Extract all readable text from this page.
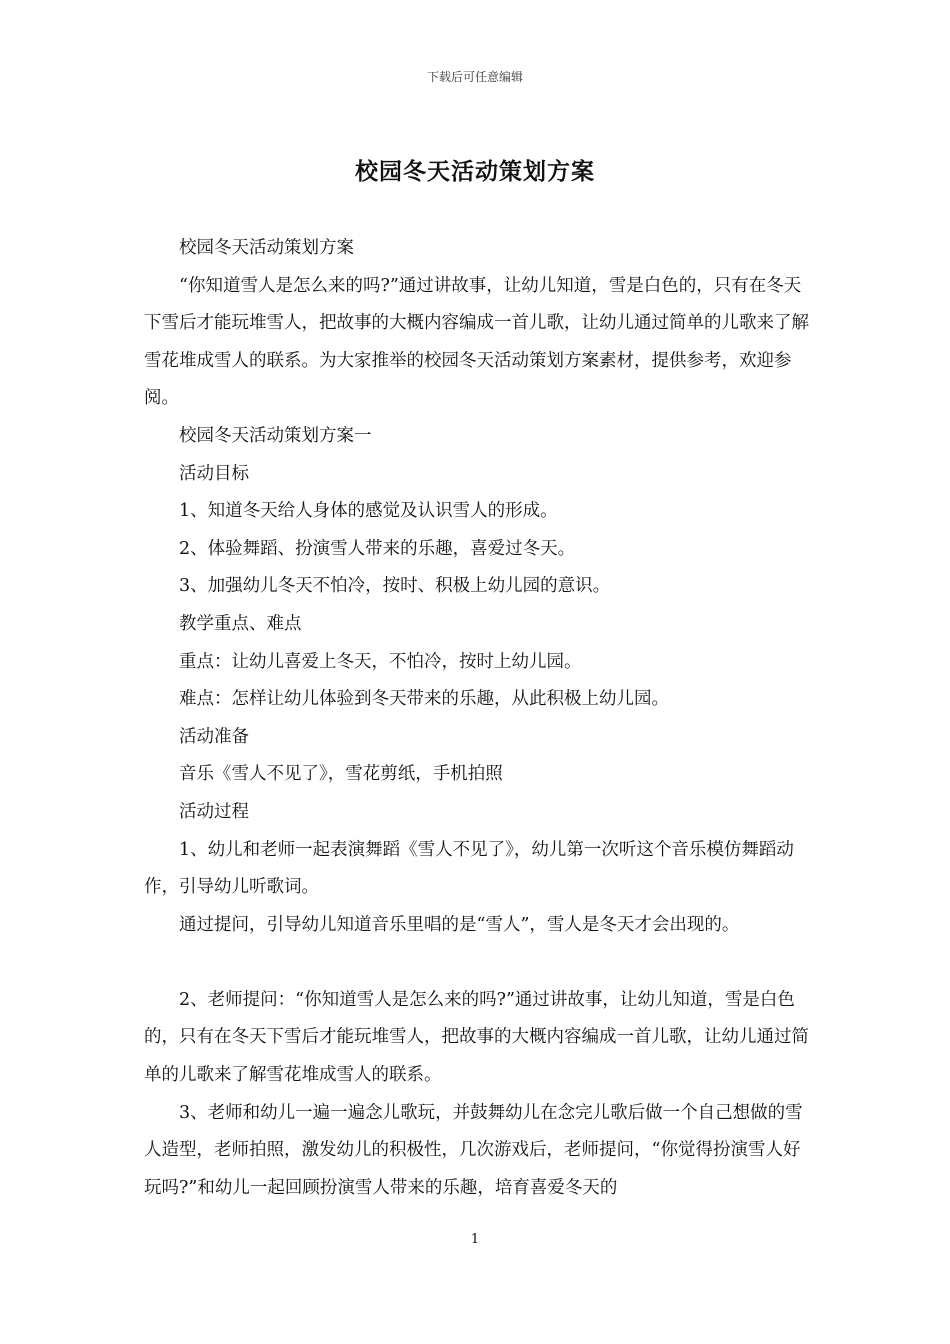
下载后可任意编辑
校园冬天活动策划方案

校园冬天活动策划方案

“你知道雪人是怎么来的吗?”通过讲故事，让幼儿知道，雪是白色的，只有在冬天下雪后才能玩堆雪人，把故事的大概内容编成一首儿歌，让幼儿通过简单的儿歌来了解雪花堆成雪人的联系。为大家推举的校园冬天活动策划方案素材，提供参考，欢迎参阅。

校园冬天活动策划方案一

活动目标

1、知道冬天给人身体的感觉及认识雪人的形成。

2、体验舞蹈、扮演雪人带来的乐趣，喜爱过冬天。

3、加强幼儿冬天不怕冷，按时、积极上幼儿园的意识。

教学重点、难点

重点：让幼儿喜爱上冬天，不怕冷，按时上幼儿园。

难点：怎样让幼儿体验到冬天带来的乐趣，从此积极上幼儿园。

活动准备

音乐《雪人不见了》，雪花剪纸，手机拍照

活动过程

1、幼儿和老师一起表演舞蹈《雪人不见了》，幼儿第一次听这个音乐模仿舞蹈动作，引导幼儿听歌词。

通过提问，引导幼儿知道音乐里唱的是“雪人”，雪人是冬天才会出现的。

2、老师提问：“你知道雪人是怎么来的吗?”通过讲故事，让幼儿知道，雪是白色的，只有在冬天下雪后才能玩堆雪人，把故事的大概内容编成一首儿歌，让幼儿通过简单的儿歌来了解雪花堆成雪人的联系。

3、老师和幼儿一遍一遍念儿歌玩，并鼓舞幼儿在念完儿歌后做一个自己想做的雪人造型，老师拍照，激发幼儿的积极性，几次游戏后，老师提问，“你觉得扮演雪人好玩吗?”和幼儿一起回顾扮演雪人带来的乐趣，培育喜爱冬天的

1
